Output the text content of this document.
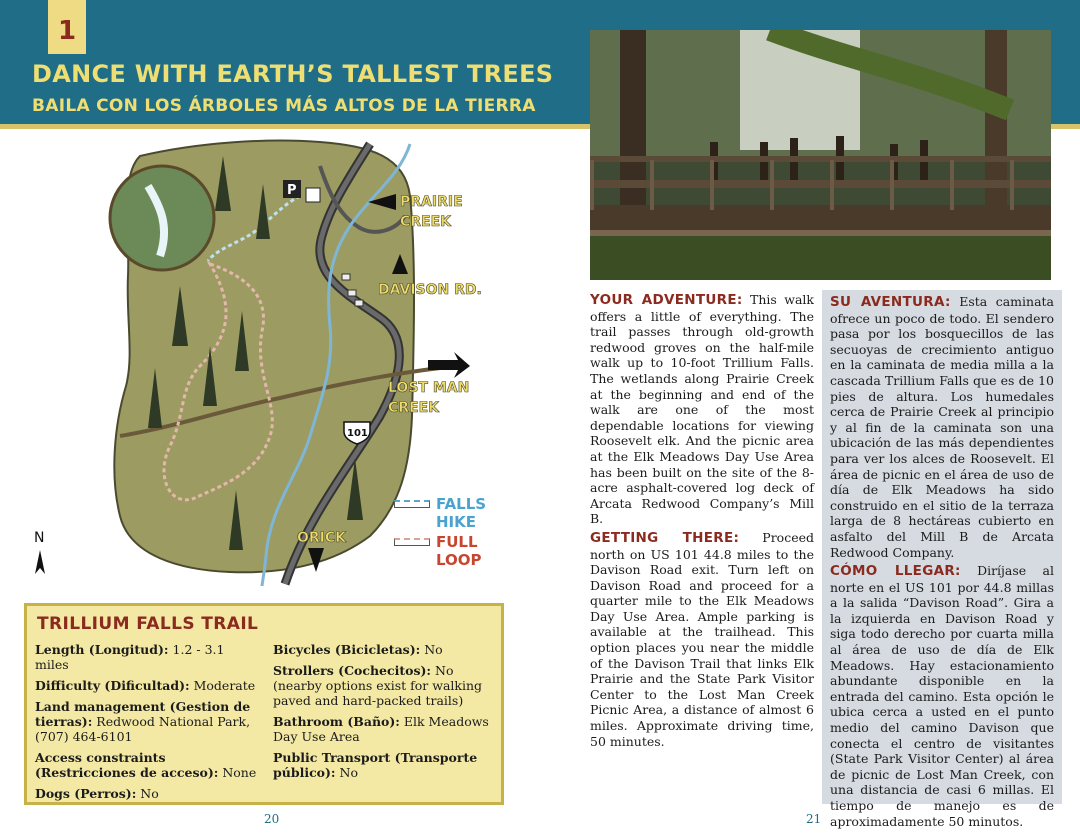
1
DANCE WITH EARTH’S TALLEST TREES
BAILA CON LOS ÁRBOLES MÁS ALTOS DE LA TIERRA
P
101
PRAIRIE
CREEK
DAVISON RD.
LOST MAN
CREEK
ORICK
N
FALLS
HIKE
FULL
LOOP
TRILLIUM FALLS TRAIL
Length (Longitud): 1.2 - 3.1 miles
Difficulty (Dificultad): Moderate
Land management (Gestion de tierras): Redwood National Park, (707) 464-6101
Access constraints (Restricciones de acceso): None
Dogs (Perros): No
Bicycles (Bicicletas): No
Strollers (Cochecitos): No (nearby options exist for walking paved and hard-packed trails)
Bathroom (Baño): Elk Meadows Day Use Area
Public Transport (Transporte público): No
20	21

YOUR ADVENTURE: This walk offers a little of everything. The trail passes through old-growth redwood groves on the half-mile walk up to 10-foot Trillium Falls. The wetlands along Prairie Creek at the beginning and end of the walk are one of the most dependable locations for viewing Roosevelt elk. And the picnic area at the Elk Meadows Day Use Area has been built on the site of the 8-acre asphalt-covered log deck of Arcata Redwood Company’s Mill B.

GETTING THERE: Proceed north on US 101 44.8 miles to the Davison Road exit. Turn left on Davison Road and proceed for a quarter mile to the Elk Meadows Day Use Area. Ample parking is available at the trailhead. This option places you near the middle of the Davison Trail that links Elk Prairie and the State Park Visitor Center to the Lost Man Creek Picnic Area, a distance of almost 6 miles. Approximate driving time, 50 minutes.

SU AVENTURA: Esta caminata ofrece un poco de todo. El sendero pasa por los bosquecillos de las secuoyas de crecimiento antiguo en la caminata de media milla a la cascada Trillium Falls que es de 10 pies de altura. Los humedales cerca de Prairie Creek al principio y al fin de la caminata son una ubicación de las más dependientes para ver los alces de Roosevelt. El área de picnic en el área de uso de día de Elk Meadows ha sido construido en el sitio de la terraza larga de 8 hectáreas cubierto en asfalto del Mill B de Arcata Redwood Company.

CÓMO LLEGAR: Diríjase al norte en el US 101 por 44.8 millas a la salida “Davison Road”. Gira a la izquierda en Davison Road y siga todo derecho por cuarta milla al área de uso de día de Elk Meadows. Hay estacionamiento abundante disponible en la entrada del camino. Esta opción le ubica cerca a usted en el punto medio del camino Davison que conecta el centro de visitantes (State Park Visitor Center) al área de picnic de Lost Man Creek, con una distancia de casi 6 millas. El tiempo de manejo es de aproximadamente 50 minutos.
